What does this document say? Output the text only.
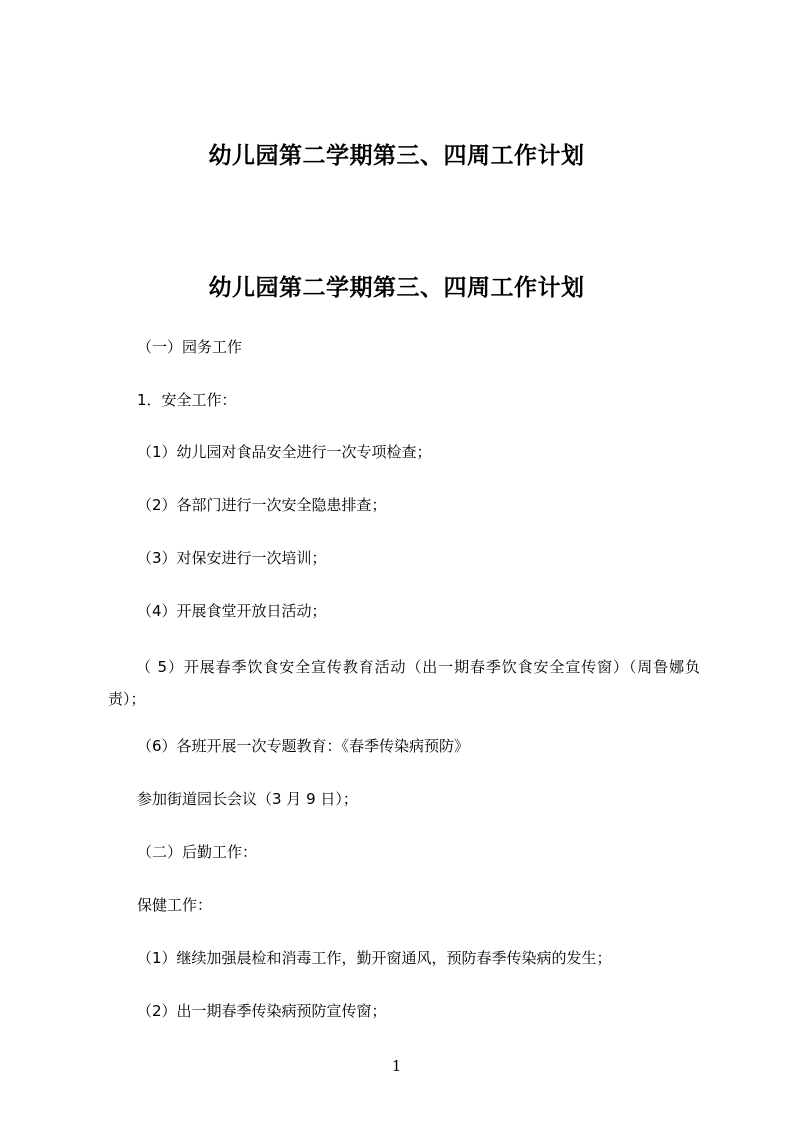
幼儿园第二学期第三、四周工作计划
幼儿园第二学期第三、四周工作计划
（一）园务工作
1．安全工作：
（1）幼儿园对食品安全进行一次专项检查；
（2）各部门进行一次安全隐患排查；
（3）对保安进行一次培训；
（4）开展食堂开放日活动；
（ 5）开展春季饮食安全宣传教育活动（出一期春季饮食安全宣传窗）（周鲁娜负责）；
（6）各班开展一次专题教育：《春季传染病预防》
参加街道园长会议（3 月 9 日）；
（二）后勤工作：
保健工作：
（1）继续加强晨检和消毒工作，勤开窗通风，预防春季传染病的发生；
（2）出一期春季传染病预防宣传窗；
1
